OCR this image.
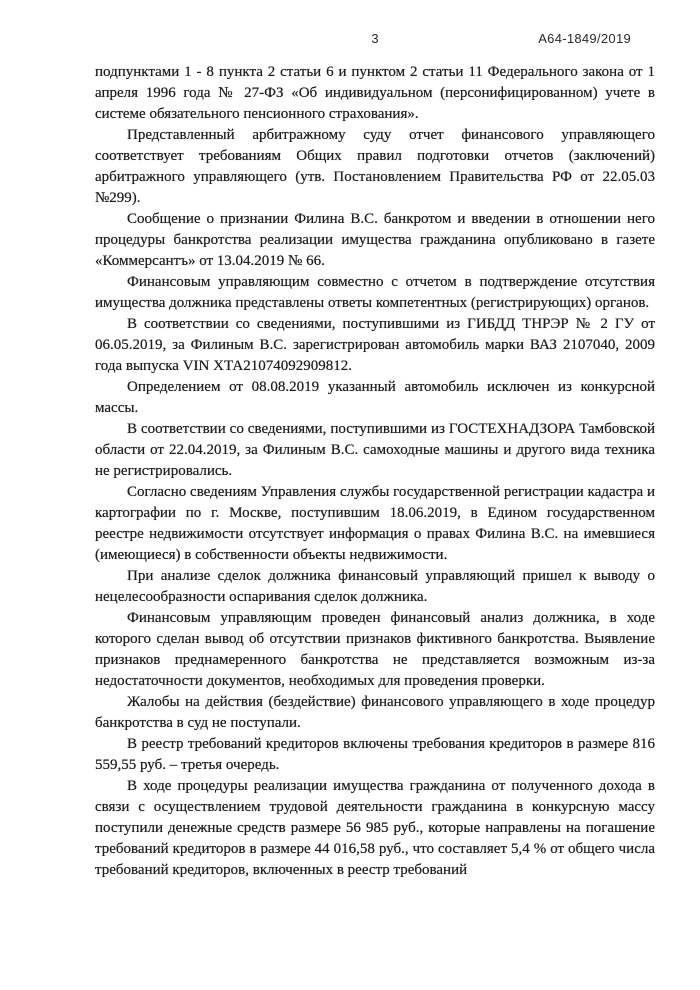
3	А64-1849/2019

подпунктами 1 - 8 пункта 2 статьи 6 и пунктом 2 статьи 11 Федерального закона от 1 апреля 1996 года № 27-ФЗ «Об индивидуальном (персонифицированном) учете в системе обязательного пенсионного страхования».

Представленный арбитражному суду отчет финансового управляющего соответствует требованиям Общих правил подготовки отчетов (заключений) арбитражного управляющего (утв. Постановлением Правительства РФ от 22.05.03 №299).

Сообщение о признании Филина В.С. банкротом и введении в отношении него процедуры банкротства реализации имущества гражданина опубликовано в газете «Коммерсантъ» от 13.04.2019 № 66.

Финансовым управляющим совместно с отчетом в подтверждение отсутствия имущества должника представлены ответы компетентных (регистрирующих) органов.

В соответствии со сведениями, поступившими из ГИБДД ТНРЭР № 2 ГУ от 06.05.2019, за Филиным В.С. зарегистрирован автомобиль марки ВАЗ 2107040, 2009 года выпуска VIN ХТА21074092909812.

Определением от 08.08.2019 указанный автомобиль исключен из конкурсной массы.

В соответствии со сведениями, поступившими из ГОСТЕХНАДЗОРА Тамбовской области от 22.04.2019, за Филиным В.С. самоходные машины и другого вида техника не регистрировались.

Согласно сведениям Управления службы государственной регистрации кадастра и картографии по г. Москве, поступившим 18.06.2019, в Едином государственном реестре недвижимости отсутствует информация о правах Филина В.С. на имевшиеся (имеющиеся) в собственности объекты недвижимости.

При анализе сделок должника финансовый управляющий пришел к выводу о нецелесообразности оспаривания сделок должника.

Финансовым управляющим проведен финансовый анализ должника, в ходе которого сделан вывод об отсутствии признаков фиктивного банкротства. Выявление признаков преднамеренного банкротства не представляется возможным из-за недостаточности документов, необходимых для проведения проверки.

Жалобы на действия (бездействие) финансового управляющего в ходе процедур банкротства в суд не поступали.

В реестр требований кредиторов включены требования кредиторов в размере 816 559,55 руб. – третья очередь.

В ходе процедуры реализации имущества гражданина от полученного дохода в связи с осуществлением трудовой деятельности гражданина в конкурсную массу поступили денежные средств размере 56 985 руб., которые направлены на погашение требований кредиторов в размере 44 016,58 руб., что составляет 5,4 % от общего числа требований кредиторов, включенных в реестр требований
